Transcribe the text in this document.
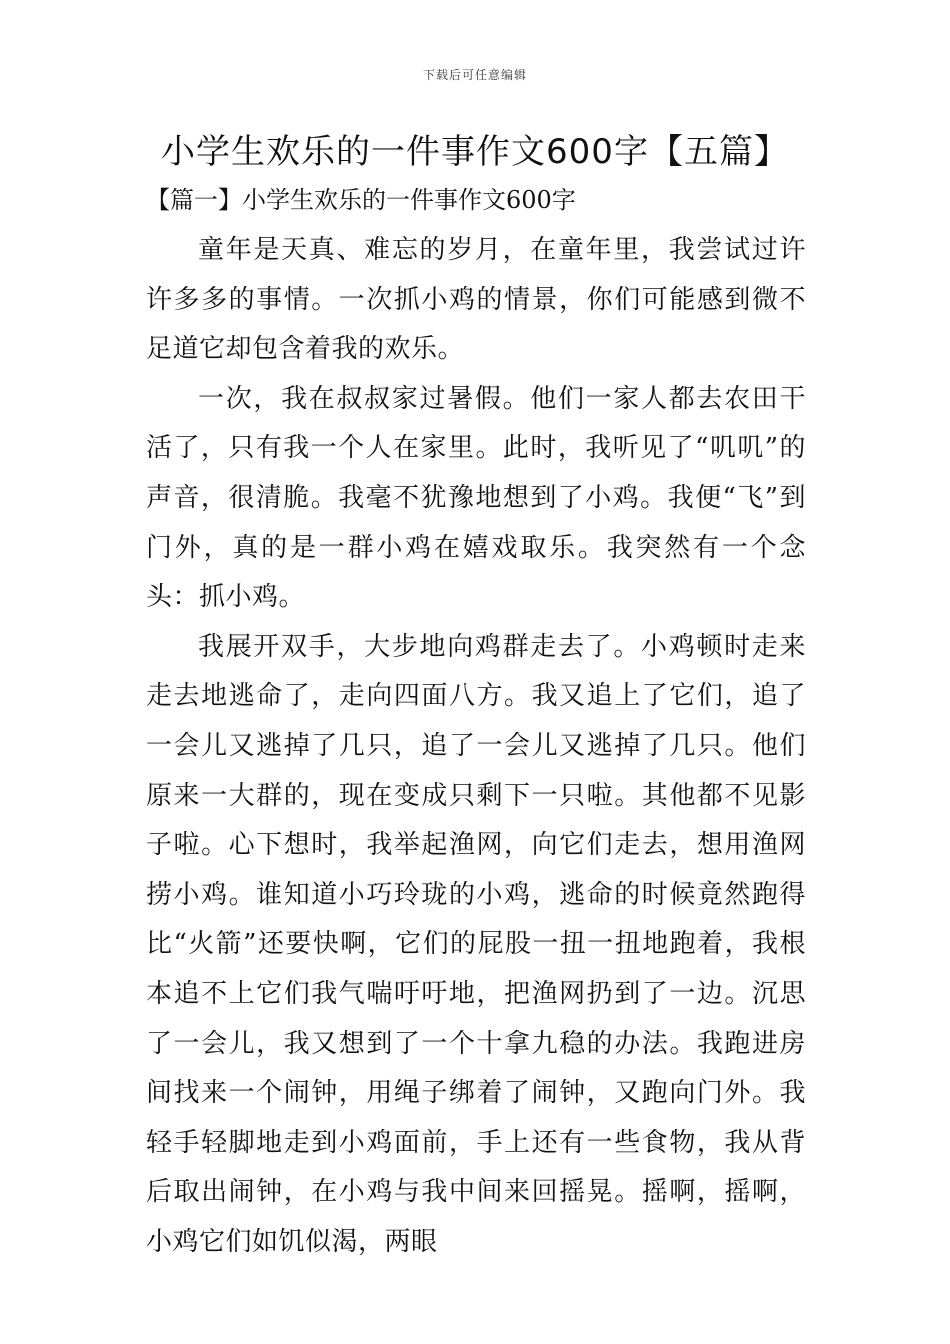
下载后可任意编辑
小学生欢乐的一件事作文600字【五篇】
【篇一】小学生欢乐的一件事作文600字

童年是天真、难忘的岁月，在童年里，我尝试过许许多多的事情。一次抓小鸡的情景，你们可能感到微不足道它却包含着我的欢乐。

一次，我在叔叔家过暑假。他们一家人都去农田干活了，只有我一个人在家里。此时，我听见了“叽叽”的声音，很清脆。我毫不犹豫地想到了小鸡。我便“飞”到门外，真的是一群小鸡在嬉戏取乐。我突然有一个念头：抓小鸡。

我展开双手，大步地向鸡群走去了。小鸡顿时走来走去地逃命了，走向四面八方。我又追上了它们，追了一会儿又逃掉了几只，追了一会儿又逃掉了几只。他们原来一大群的，现在变成只剩下一只啦。其他都不见影子啦。心下想时，我举起渔网，向它们走去，想用渔网捞小鸡。谁知道小巧玲珑的小鸡，逃命的时候竟然跑得比“火箭”还要快啊，它们的屁股一扭一扭地跑着，我根本追不上它们我气喘吁吁地，把渔网扔到了一边。沉思了一会儿，我又想到了一个十拿九稳的办法。我跑进房间找来一个闹钟，用绳子绑着了闹钟，又跑向门外。我轻手轻脚地走到小鸡面前，手上还有一些食物，我从背后取出闹钟，在小鸡与我中间来回摇晃。摇啊，摇啊，小鸡它们如饥似渴，两眼
